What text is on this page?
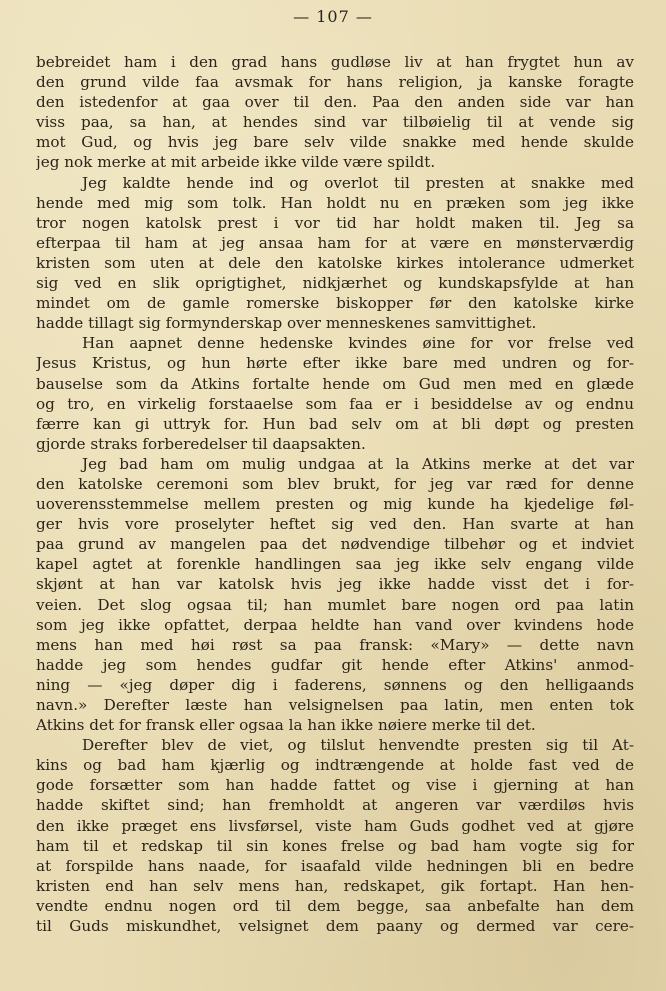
— 107 —
bebreidet ham i den grad hans gudløse liv at han frygtet hun av
den grund vilde faa avsmak for hans religion, ja kanske foragte
den istedenfor at gaa over til den. Paa den anden side var han
viss paa, sa han, at hendes sind var tilbøielig til at vende sig
mot Gud, og hvis jeg bare selv vilde snakke med hende skulde
jeg nok merke at mit arbeide ikke vilde være spildt.
Jeg kaldte hende ind og overlot til presten at snakke med
hende med mig som tolk. Han holdt nu en præken som jeg ikke
tror nogen katolsk prest i vor tid har holdt maken til. Jeg sa
efterpaa til ham at jeg ansaa ham for at være en mønsterværdig
kristen som uten at dele den katolske kirkes intolerance udmerket
sig ved en slik oprigtighet, nidkjærhet og kundskapsfylde at han
mindet om de gamle romerske biskopper før den katolske kirke
hadde tillagt sig formynderskap over menneskenes samvittighet.
Han aapnet denne hedenske kvindes øine for vor frelse ved
Jesus Kristus, og hun hørte efter ikke bare med undren og for-
bauselse som da Atkins fortalte hende om Gud men med en glæde
og tro, en virkelig forstaaelse som faa er i besiddelse av og endnu
færre kan gi uttryk for. Hun bad selv om at bli døpt og presten
gjorde straks forberedelser til daapsakten.
Jeg bad ham om mulig undgaa at la Atkins merke at det var
den katolske ceremoni som blev brukt, for jeg var ræd for denne
uoverensstemmelse mellem presten og mig kunde ha kjedelige føl-
ger hvis vore proselyter heftet sig ved den. Han svarte at han
paa grund av mangelen paa det nødvendige tilbehør og et indviet
kapel agtet at forenkle handlingen saa jeg ikke selv engang vilde
skjønt at han var katolsk hvis jeg ikke hadde visst det i for-
veien. Det slog ogsaa til; han mumlet bare nogen ord paa latin
som jeg ikke opfattet, derpaa heldte han vand over kvindens hode
mens han med høi røst sa paa fransk: «Mary» — dette navn
hadde jeg som hendes gudfar git hende efter Atkins' anmod-
ning — «jeg døper dig i faderens, sønnens og den helligaands
navn.» Derefter læste han velsignelsen paa latin, men enten tok
Atkins det for fransk eller ogsaa la han ikke nøiere merke til det.
Derefter blev de viet, og tilslut henvendte presten sig til At-
kins og bad ham kjærlig og indtrængende at holde fast ved de
gode forsætter som han hadde fattet og vise i gjerning at han
hadde skiftet sind; han fremholdt at angeren var værdiløs hvis
den ikke præget ens livsførsel, viste ham Guds godhet ved at gjøre
ham til et redskap til sin kones frelse og bad ham vogte sig for
at forspilde hans naade, for isaafald vilde hedningen bli en bedre
kristen end han selv mens han, redskapet, gik fortapt. Han hen-
vendte endnu nogen ord til dem begge, saa anbefalte han dem
til Guds miskundhet, velsignet dem paany og dermed var cere-
